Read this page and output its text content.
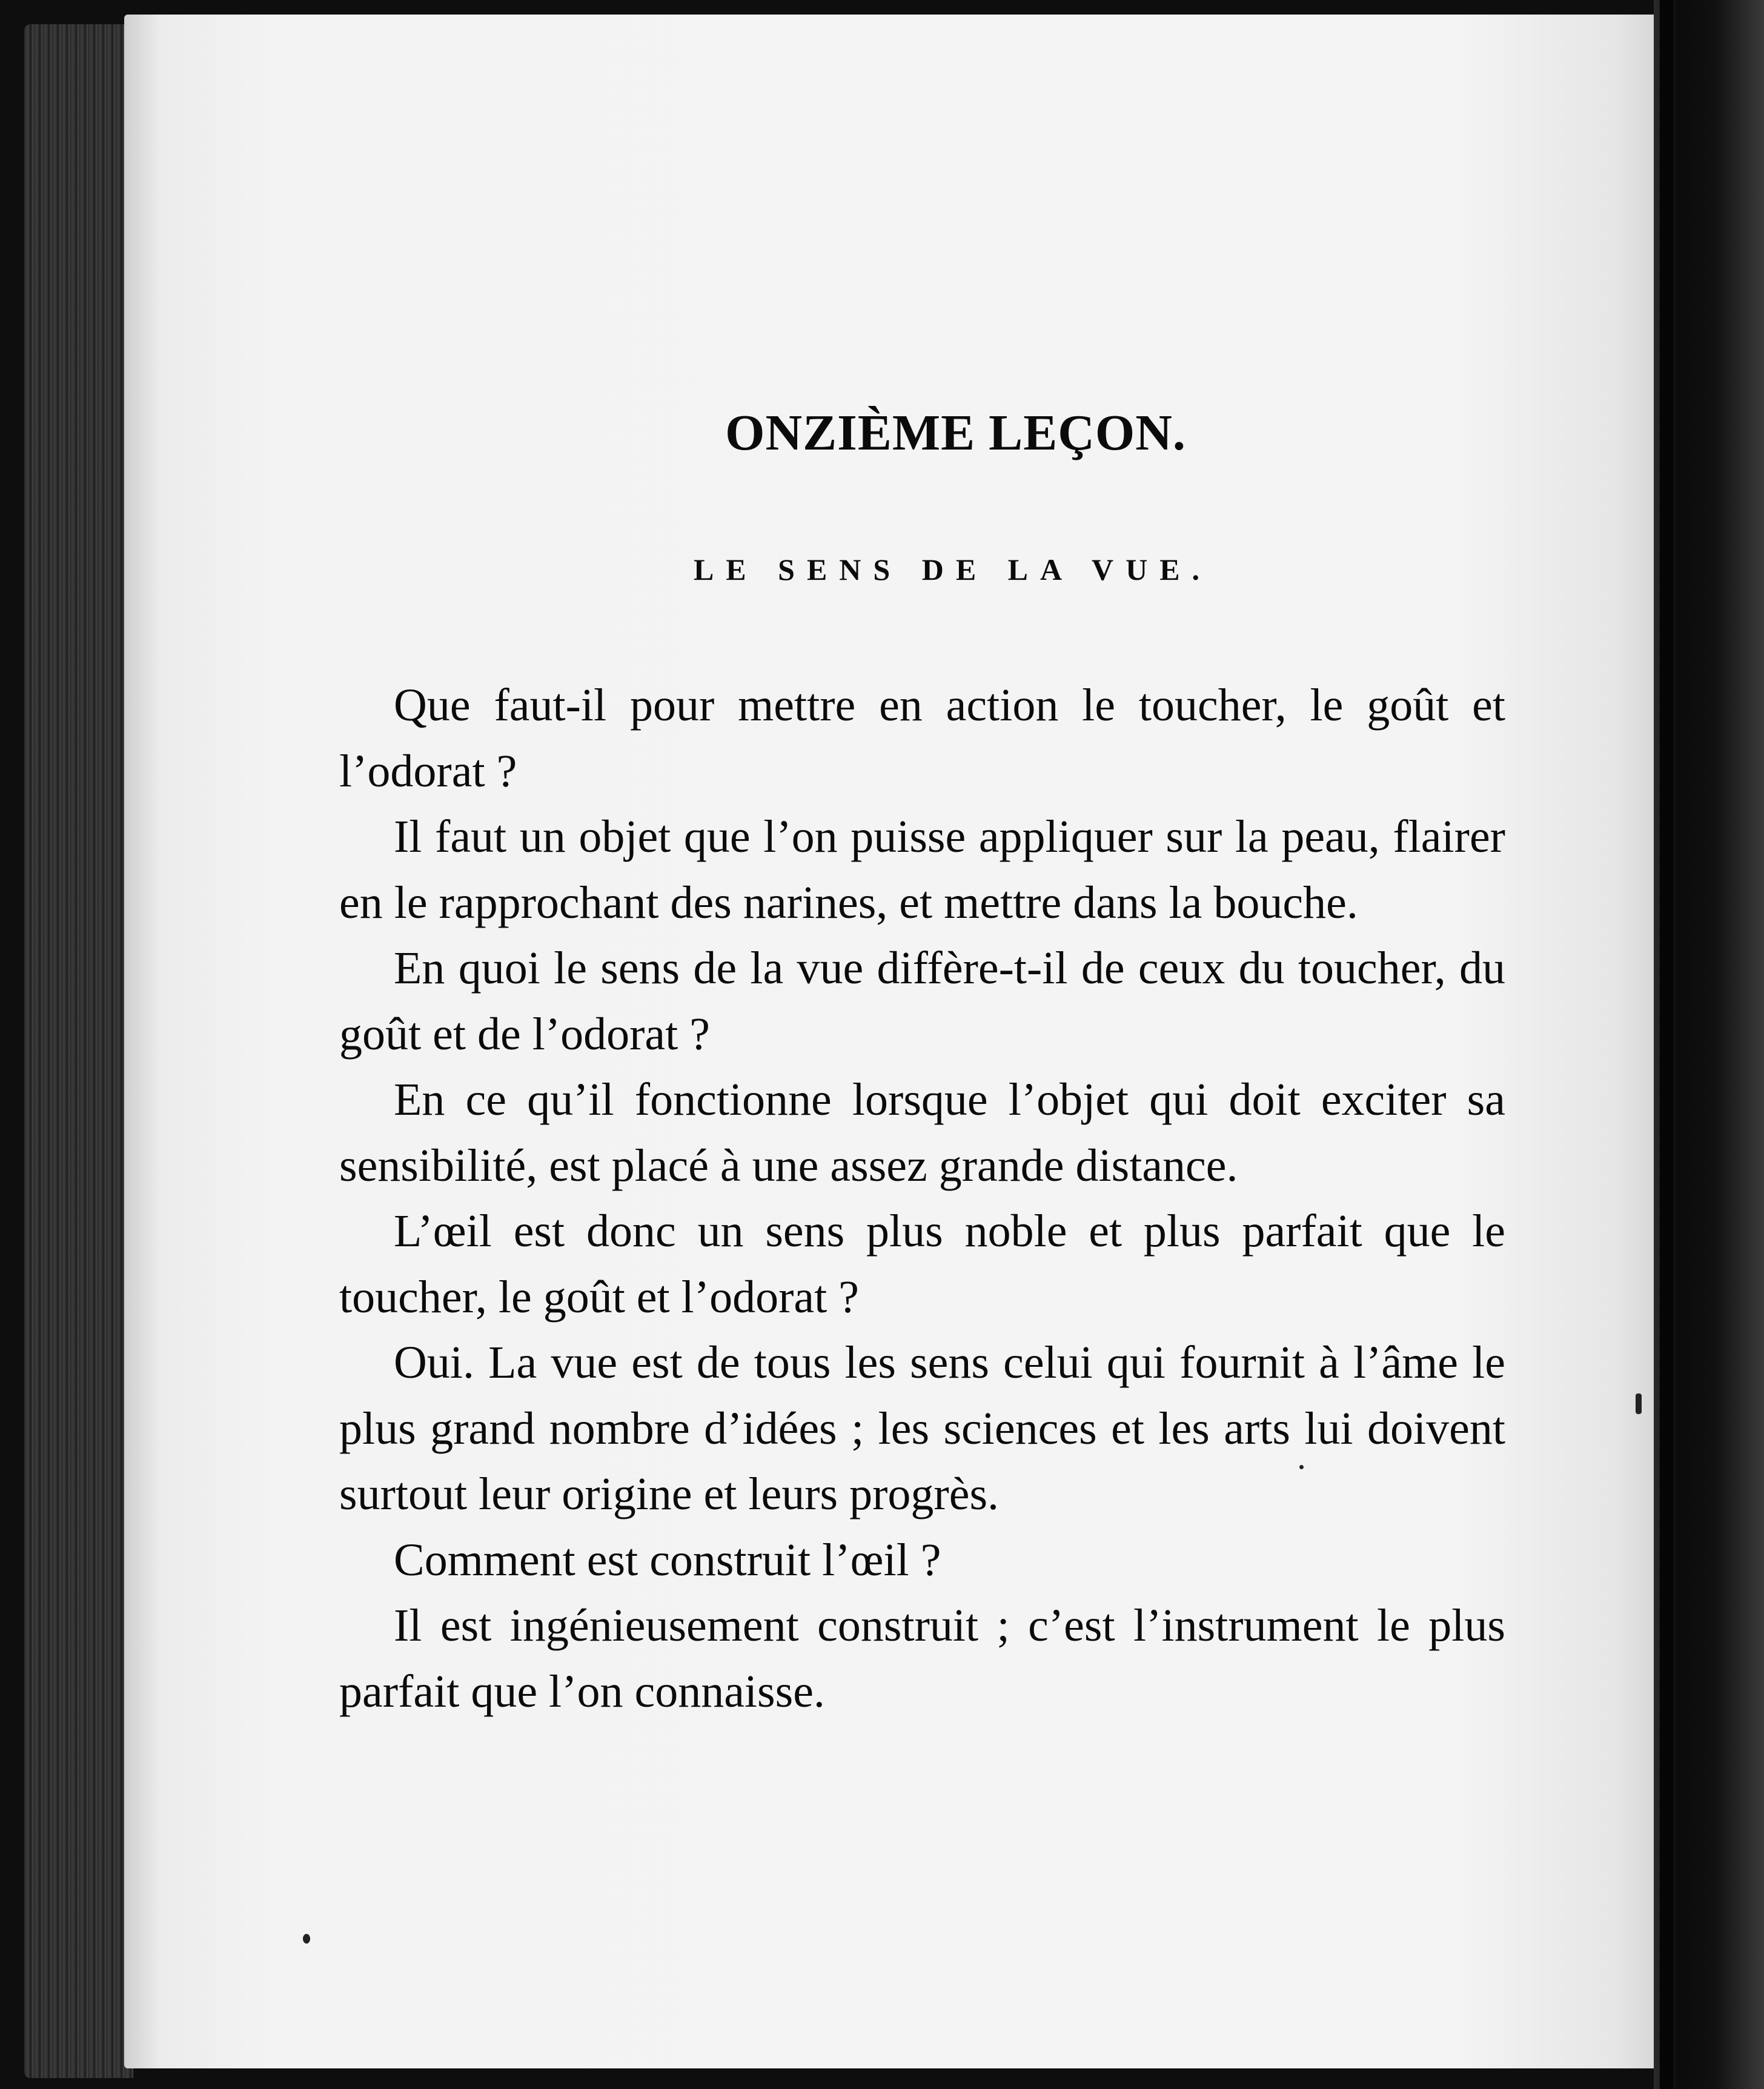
ONZIÈME LEÇON.
LE SENS DE LA VUE.

Que faut-il pour mettre en action le toucher, le goût et l’odorat ?

Il faut un objet que l’on puisse appliquer sur la peau, flairer en le rapprochant des narines, et mettre dans la bouche.

En quoi le sens de la vue diffère-t-il de ceux du toucher, du goût et de l’odorat ?

En ce qu’il fonctionne lorsque l’objet qui doit exciter sa sensibilité, est placé à une assez grande distance.

L’œil est donc un sens plus noble et plus parfait que le toucher, le goût et l’odorat ?

Oui. La vue est de tous les sens celui qui fournit à l’âme le plus grand nombre d’idées ; les sciences et les arts lui doivent surtout leur origine et leurs progrès.

Comment est construit l’œil ?

Il est ingénieusement construit ; c’est l’instrument le plus parfait que l’on connaisse.
